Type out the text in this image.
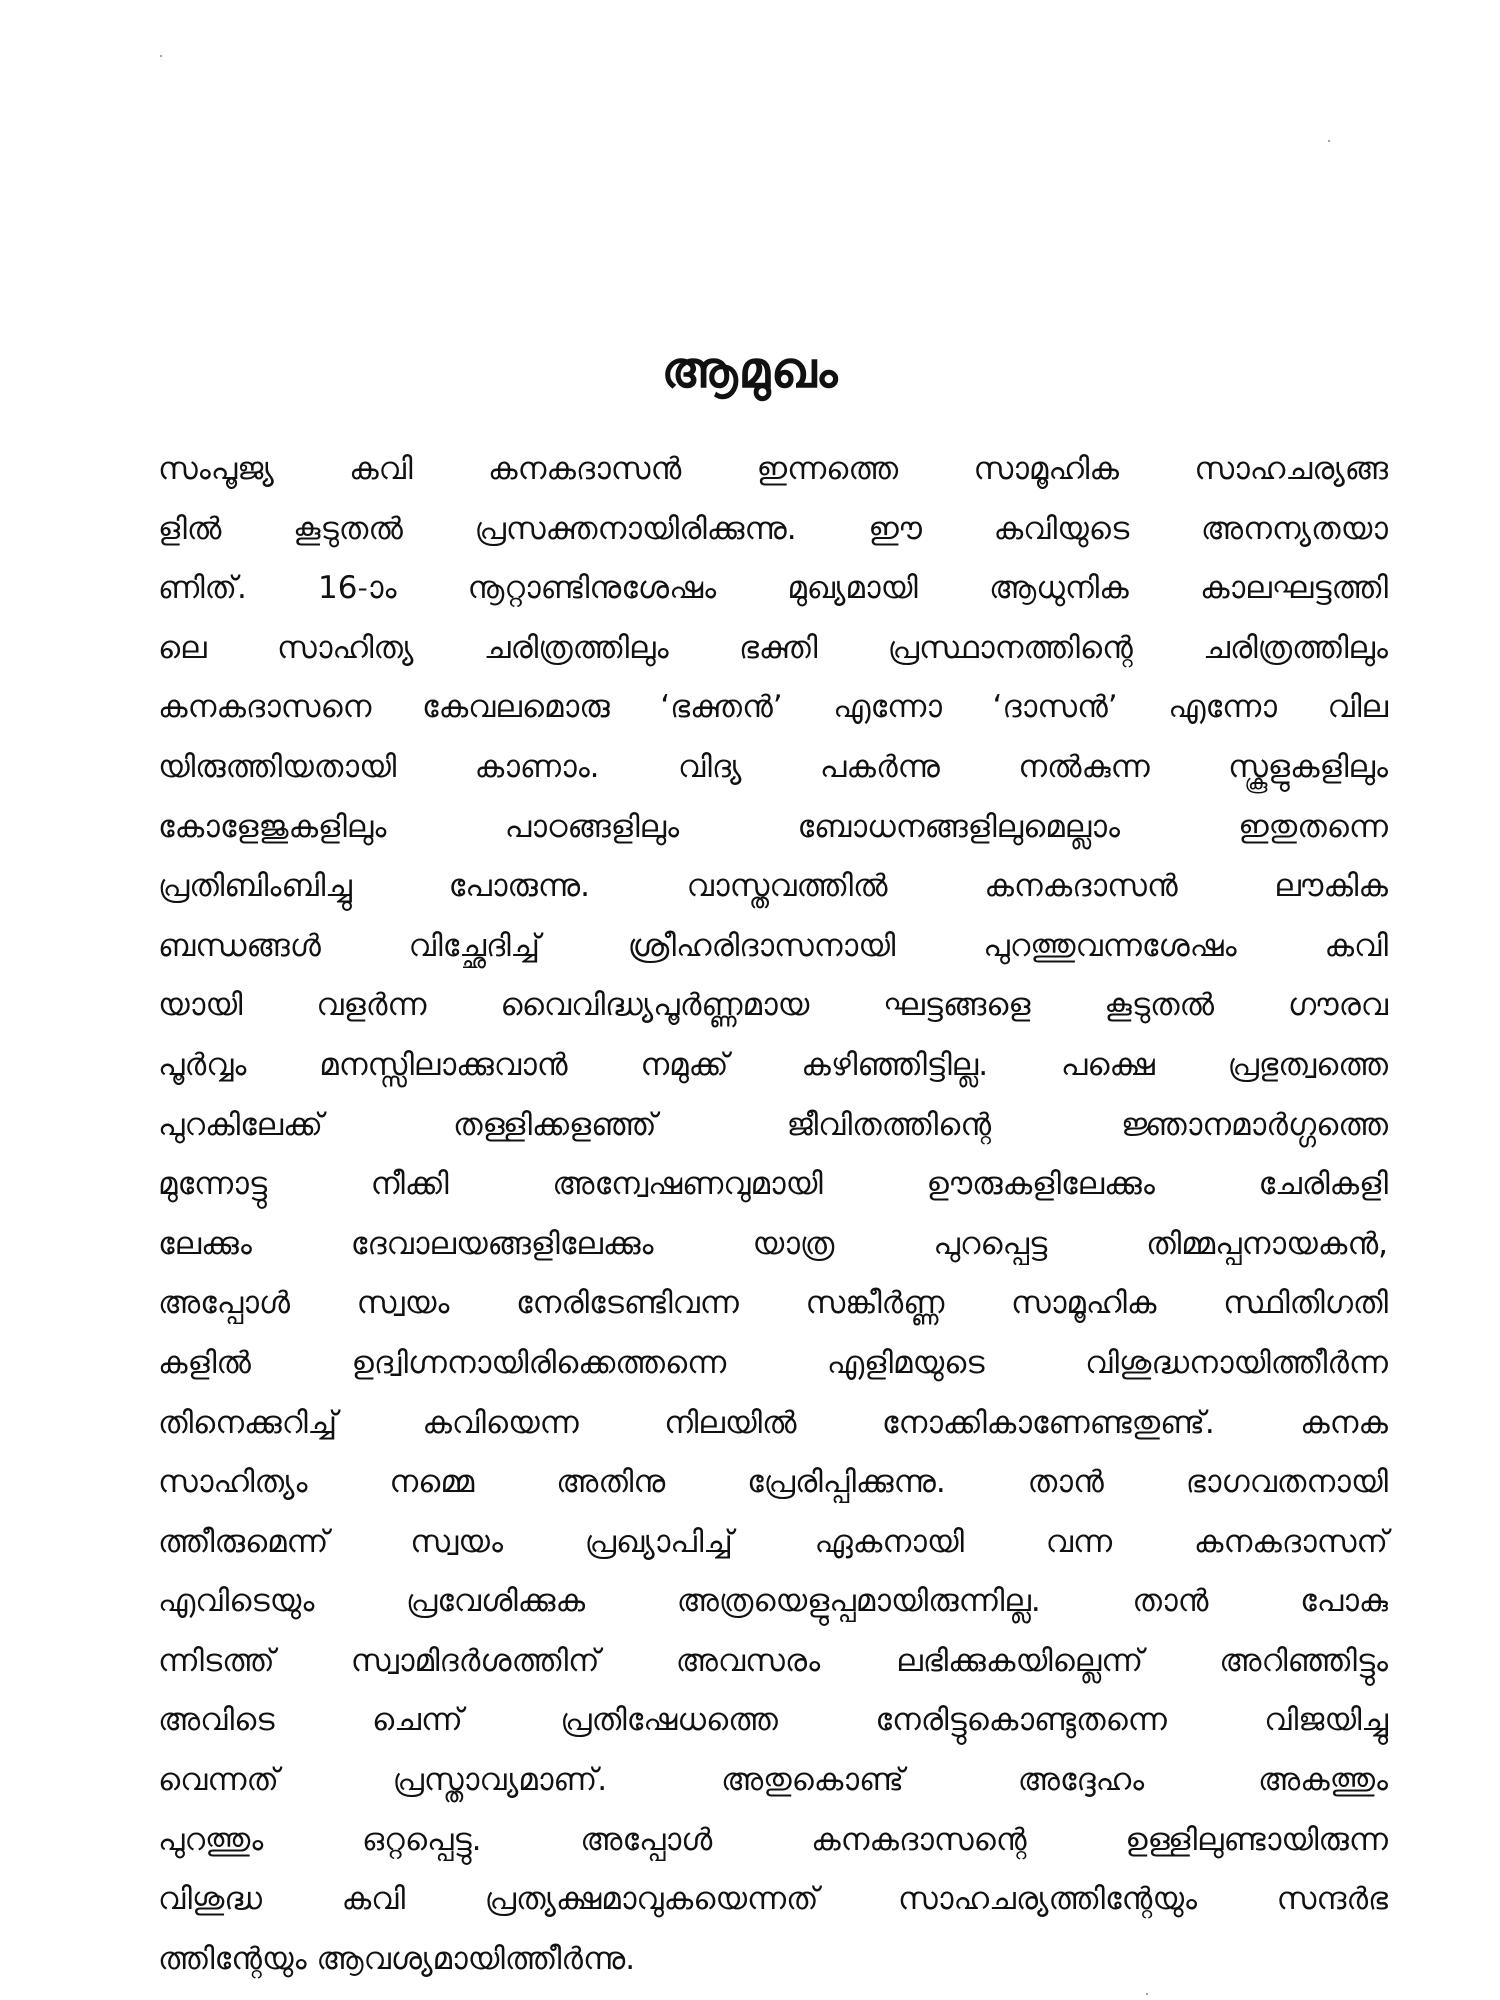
ആമുഖം
സംപൂജ്യ കവി കനകദാസൻ ഇന്നത്തെ സാമൂഹിക സാഹചര്യങ്ങ
ളിൽ കൂടുതൽ പ്രസക്തനായിരിക്കുന്നു. ഈ കവിയുടെ അനന്യതയാ
ണിത്. 16-ാം നൂറ്റാണ്ടിനുശേഷം മുഖ്യമായി ആധുനിക കാലഘട്ടത്തി
ലെ സാഹിത്യ ചരിത്രത്തിലും ഭക്തി പ്രസ്ഥാനത്തിന്റെ ചരിത്രത്തിലും
കനകദാസനെ കേവലമൊരു ‘ഭക്തൻ’ എന്നോ ‘ദാസൻ’ എന്നോ വില
യിരുത്തിയതായി കാണാം. വിദ്യ പകർന്നു നൽകുന്ന സ്കൂളുകളിലും
കോളേജുകളിലും പാഠങ്ങളിലും ബോധനങ്ങളിലുമെല്ലാം ഇതുതന്നെ
പ്രതിബിംബിച്ചു പോരുന്നു. വാസ്തവത്തിൽ കനകദാസൻ ലൗകിക
ബന്ധങ്ങൾ വിച്ഛേദിച്ച് ശ്രീഹരിദാസനായി പുറത്തുവന്നശേഷം കവി
യായി വളർന്ന വൈവിദ്ധ്യപൂർണ്ണമായ ഘട്ടങ്ങളെ കൂടുതൽ ഗൗരവ
പൂർവ്വം മനസ്സിലാക്കുവാൻ നമുക്ക് കഴിഞ്ഞിട്ടില്ല. പക്ഷെ പ്രഭുത്വത്തെ
പുറകിലേക്ക് തള്ളിക്കളഞ്ഞ് ജീവിതത്തിന്റെ ജ്ഞാനമാർഗ്ഗത്തെ
മുന്നോട്ടു നീക്കി അന്വേഷണവുമായി ഊരുകളിലേക്കും ചേരികളി
ലേക്കും ദേവാലയങ്ങളിലേക്കും യാത്ര പുറപ്പെട്ട തിമ്മപ്പനായകൻ,
അപ്പോൾ സ്വയം നേരിടേണ്ടിവന്ന സങ്കീർണ്ണ സാമൂഹിക സ്ഥിതിഗതി
കളിൽ ഉദ്വിഗ്നനായിരിക്കെത്തന്നെ എളിമയുടെ വിശുദ്ധനായിത്തീർന്ന
തിനെക്കുറിച്ച് കവിയെന്ന നിലയിൽ നോക്കികാണേണ്ടതുണ്ട്. കനക
സാഹിത്യം നമ്മെ അതിനു പ്രേരിപ്പിക്കുന്നു. താൻ ഭാഗവതനായി
ത്തീരുമെന്ന് സ്വയം പ്രഖ്യാപിച്ച് ഏകനായി വന്ന കനകദാസന്
എവിടെയും പ്രവേശിക്കുക അത്രയെളുപ്പമായിരുന്നില്ല. താൻ പോകു
ന്നിടത്ത് സ്വാമിദർശത്തിന് അവസരം ലഭിക്കുകയില്ലെന്ന് അറിഞ്ഞിട്ടും
അവിടെ ചെന്ന് പ്രതിഷേധത്തെ നേരിട്ടുകൊണ്ടുതന്നെ വിജയിച്ചു
വെന്നത് പ്രസ്താവ്യമാണ്. അതുകൊണ്ട് അദ്ദേഹം അകത്തും
പുറത്തും ഒറ്റപ്പെട്ടു. അപ്പോൾ കനകദാസന്റെ ഉള്ളിലുണ്ടായിരുന്ന
വിശുദ്ധ കവി പ്രത്യക്ഷമാവുകയെന്നത് സാഹചര്യത്തിന്റേയും സന്ദർഭ
ത്തിന്റേയും ആവശ്യമായിത്തീർന്നു.
